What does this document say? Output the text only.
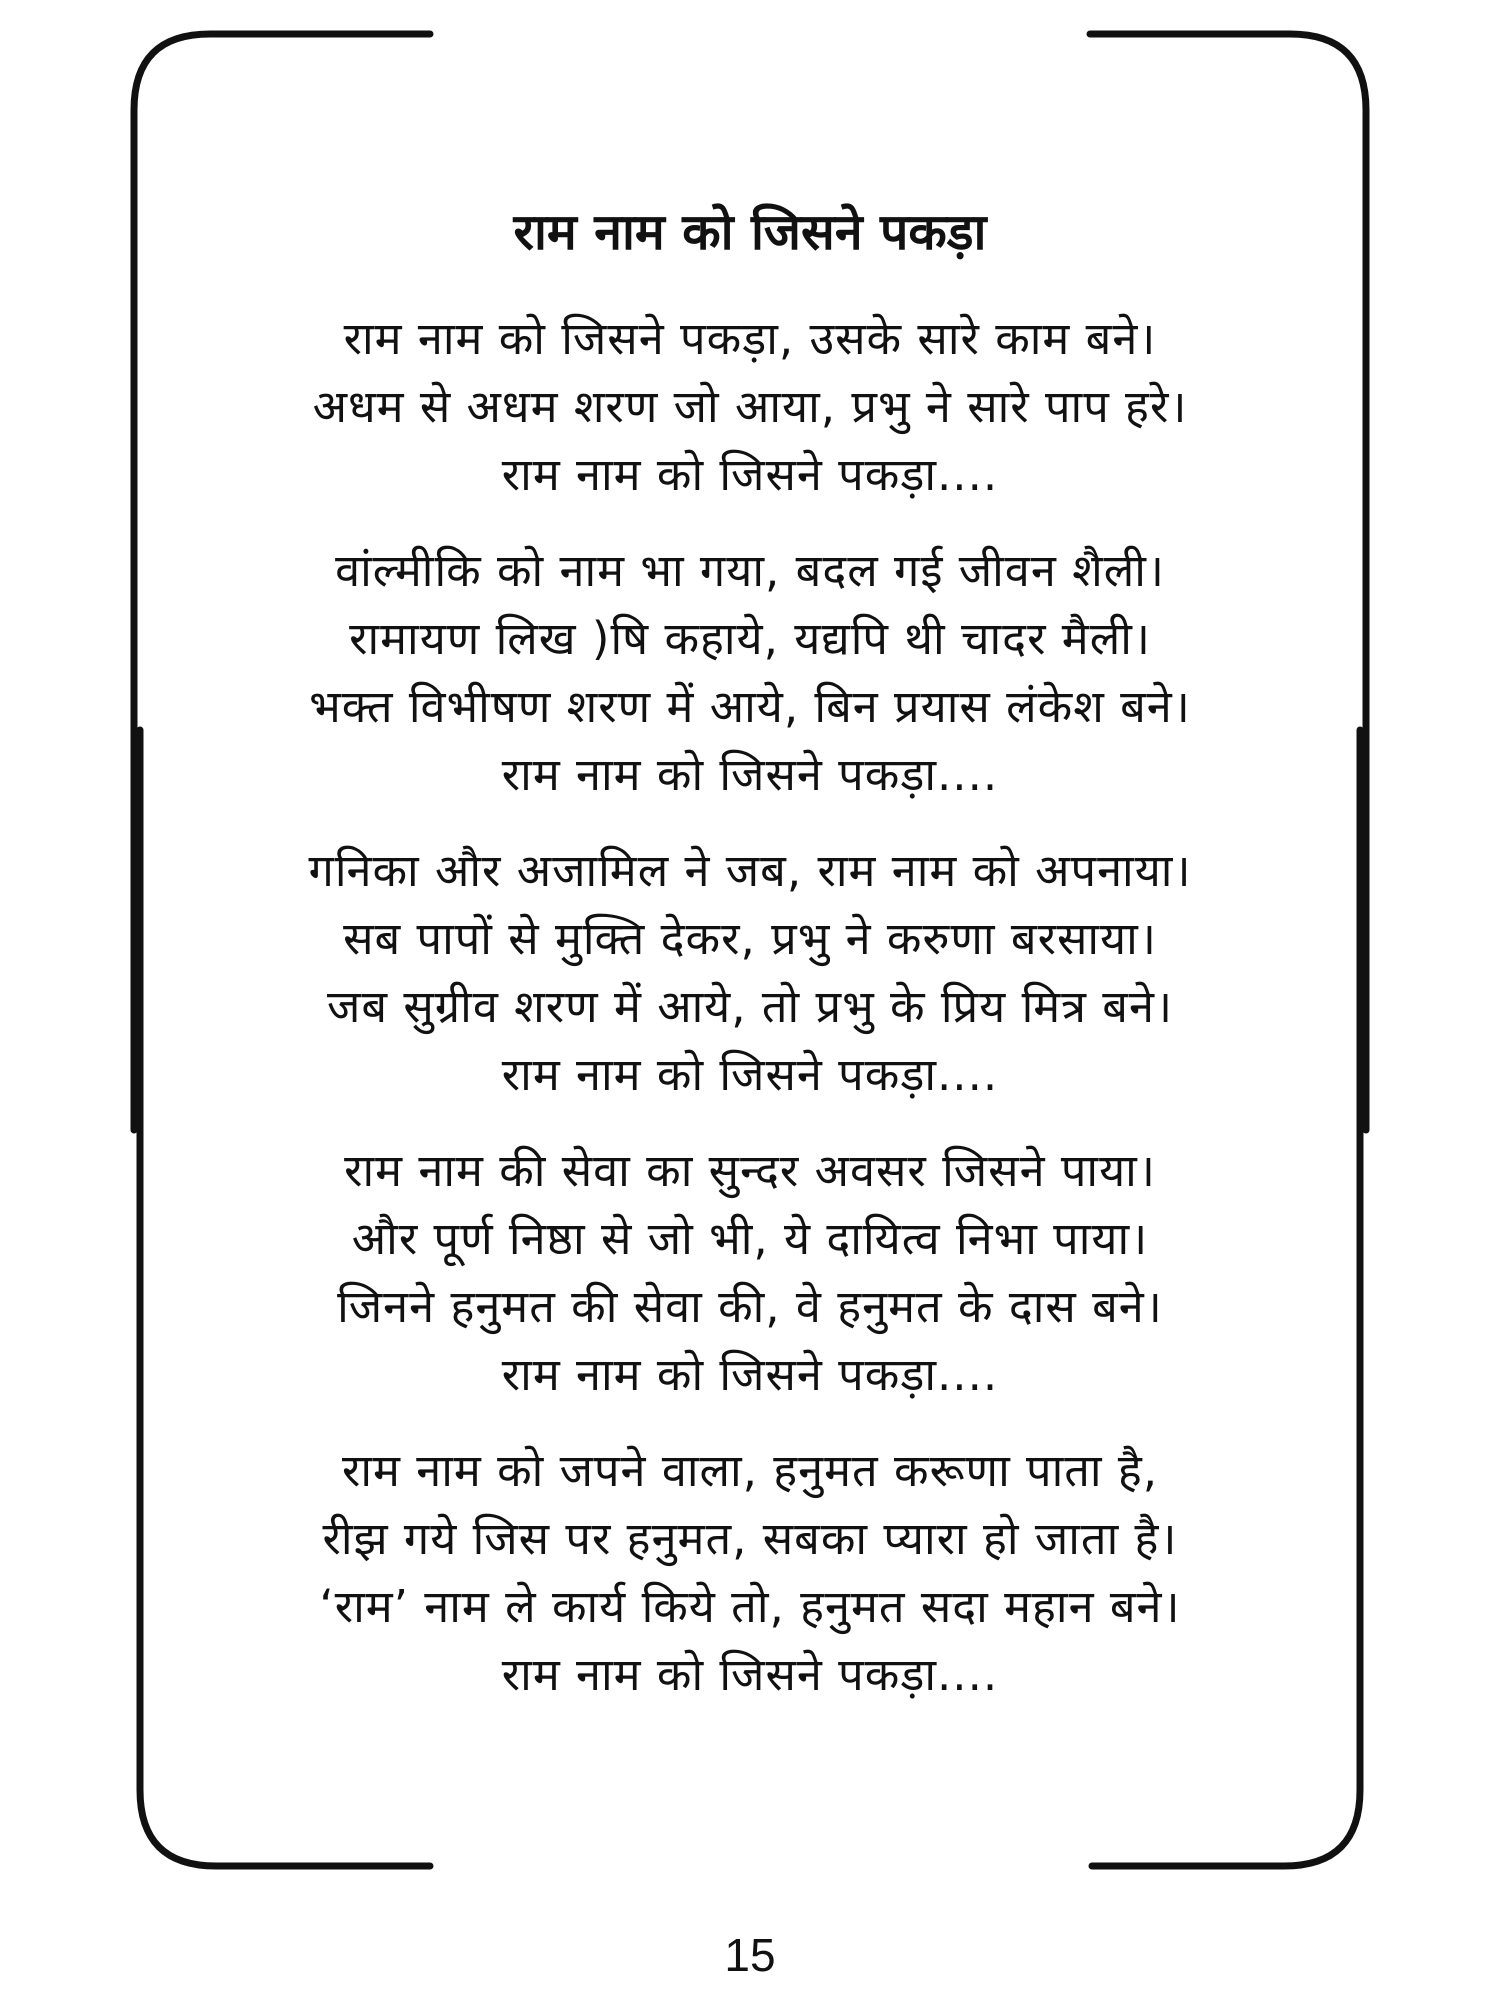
राम नाम को जिसने पकड़ा
राम नाम को जिसने पकड़ा, उसके सारे काम बने।
अधम से अधम शरण जो आया, प्रभु ने सारे पाप हरे।
राम नाम को जिसने पकड़ा....
वांल्मीकि को नाम भा गया, बदल गई जीवन शैली।
रामायण लिख )षि कहाये, यद्यपि थी चादर मैली।
भक्त विभीषण शरण में आये, बिन प्रयास लंकेश बने।
राम नाम को जिसने पकड़ा....
गनिका और अजामिल ने जब, राम नाम को अपनाया।
सब पापों से मुक्ति देकर, प्रभु ने करुणा बरसाया।
जब सुग्रीव शरण में आये, तो प्रभु के प्रिय मित्र बने।
राम नाम को जिसने पकड़ा....
राम नाम की सेवा का सुन्दर अवसर जिसने पाया।
और पूर्ण निष्ठा से जो भी, ये दायित्व निभा पाया।
जिनने हनुमत की सेवा की, वे हनुमत के दास बने।
राम नाम को जिसने पकड़ा....
राम नाम को जपने वाला, हनुमत करूणा पाता है,
रीझ गये जिस पर हनुमत, सबका प्यारा हो जाता है।
‘राम’ नाम ले कार्य किये तो, हनुमत सदा महान बने।
राम नाम को जिसने पकड़ा....
15
